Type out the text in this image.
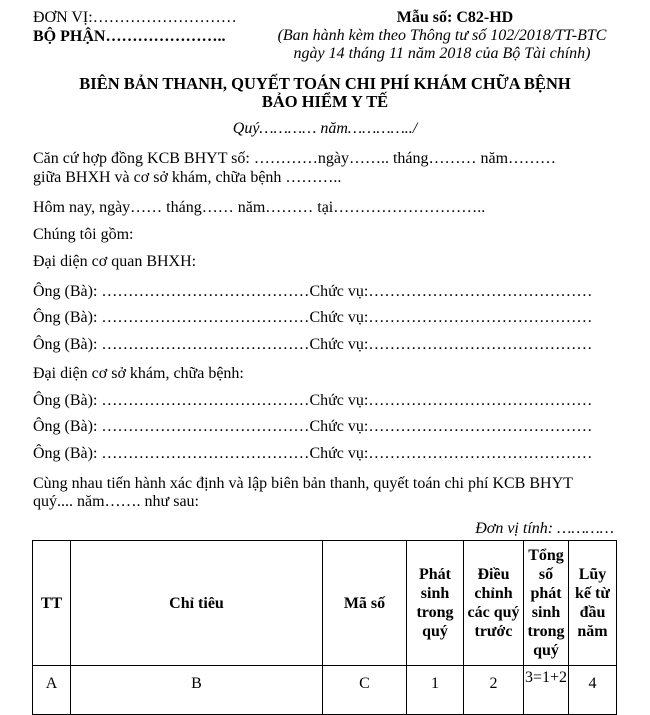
ĐƠN VỊ:………………………
BỘ PHẬN…………………..
Mẫu số: C82-HD
(Ban hành kèm theo Thông tư số 102/2018/TT-BTC
ngày 14 tháng 11 năm 2018 của Bộ Tài chính)
BIÊN BẢN THANH, QUYẾT TOÁN CHI PHÍ KHÁM CHỮA BỆNH
BẢO HIỂM Y TẾ
Quý………… năm…………../
Căn cứ hợp đồng KCB BHYT số: …………ngày…….. tháng……… năm………
giữa BHXH và cơ sở khám, chữa bệnh ………..
Hôm nay, ngày…… tháng…… năm……… tại………………………..
Chúng tôi gồm:
Đại diện cơ quan BHXH:
Ông (Bà): …………………………………Chức vụ:……………………………………
Ông (Bà): …………………………………Chức vụ:……………………………………
Ông (Bà): …………………………………Chức vụ:……………………………………
Đại diện cơ sở khám, chữa bệnh:
Ông (Bà): …………………………………Chức vụ:……………………………………
Ông (Bà): …………………………………Chức vụ:……………………………………
Ông (Bà): …………………………………Chức vụ:……………………………………
Cùng nhau tiến hành xác định và lập biên bản thanh, quyết toán chi phí KCB BHYT
quý.... năm……. như sau:
Đơn vị tính: …………
TT	Chỉ tiêu	Mã số	Phát sinh trong quý	Điều chỉnh các quý trước	Tổng số phát sinh trong quý	Lũy kế từ đầu năm
A	B	C	1	2	3=1+2	4
